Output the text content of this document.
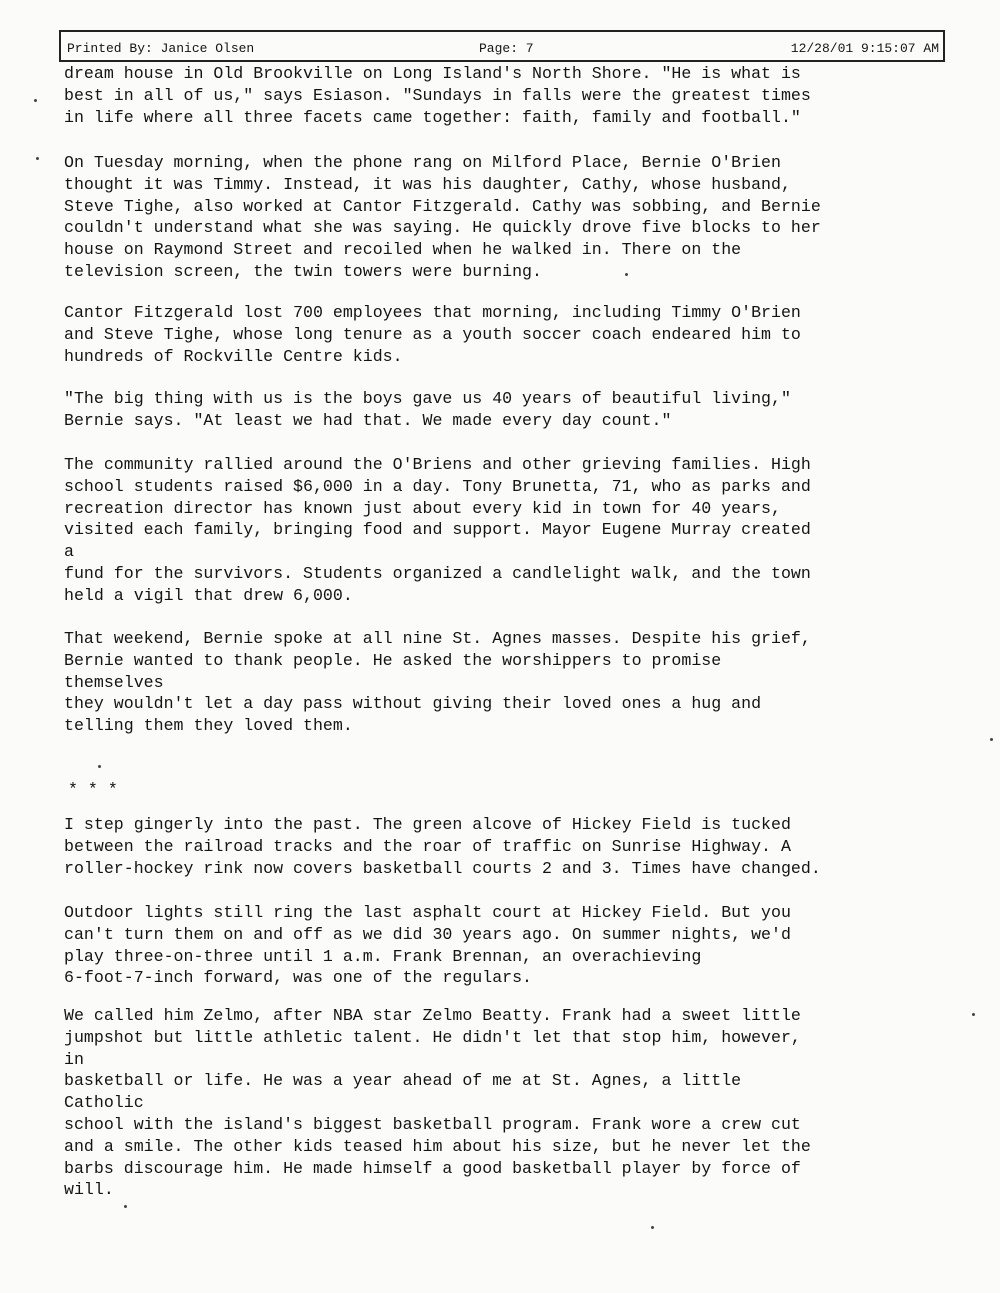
Printed By: Janice Olsen	Page: 7	12/28/01 9:15:07 AM
dream house in Old Brookville on Long Island's North Shore. "He is what is
best in all of us," says Esiason. "Sundays in falls were the greatest times
in life where all three facets came together: faith, family and football."
On Tuesday morning, when the phone rang on Milford Place, Bernie O'Brien
thought it was Timmy. Instead, it was his daughter, Cathy, whose husband,
Steve Tighe, also worked at Cantor Fitzgerald. Cathy was sobbing, and Bernie
couldn't understand what she was saying. He quickly drove five blocks to her
house on Raymond Street and recoiled when he walked in. There on the
television screen, the twin towers were burning.
Cantor Fitzgerald lost 700 employees that morning, including Timmy O'Brien
and Steve Tighe, whose long tenure as a youth soccer coach endeared him to
hundreds of Rockville Centre kids.
"The big thing with us is the boys gave us 40 years of beautiful living,"
Bernie says. "At least we had that. We made every day count."
The community rallied around the O'Briens and other grieving families. High
school students raised $6,000 in a day. Tony Brunetta, 71, who as parks and
recreation director has known just about every kid in town for 40 years,
visited each family, bringing food and support. Mayor Eugene Murray created
a
fund for the survivors. Students organized a candlelight walk, and the town
held a vigil that drew 6,000.
That weekend, Bernie spoke at all nine St. Agnes masses. Despite his grief,
Bernie wanted to thank people. He asked the worshippers to promise
themselves
they wouldn't let a day pass without giving their loved ones a hug and
telling them they loved them.
* * *
I step gingerly into the past. The green alcove of Hickey Field is tucked
between the railroad tracks and the roar of traffic on Sunrise Highway. A
roller-hockey rink now covers basketball courts 2 and 3. Times have changed.
Outdoor lights still ring the last asphalt court at Hickey Field. But you
can't turn them on and off as we did 30 years ago. On summer nights, we'd
play three-on-three until 1 a.m. Frank Brennan, an overachieving
6-foot-7-inch forward, was one of the regulars.
We called him Zelmo, after NBA star Zelmo Beatty. Frank had a sweet little
jumpshot but little athletic talent. He didn't let that stop him, however,
in
basketball or life. He was a year ahead of me at St. Agnes, a little
Catholic
school with the island's biggest basketball program. Frank wore a crew cut
and a smile. The other kids teased him about his size, but he never let the
barbs discourage him. He made himself a good basketball player by force of
will.
